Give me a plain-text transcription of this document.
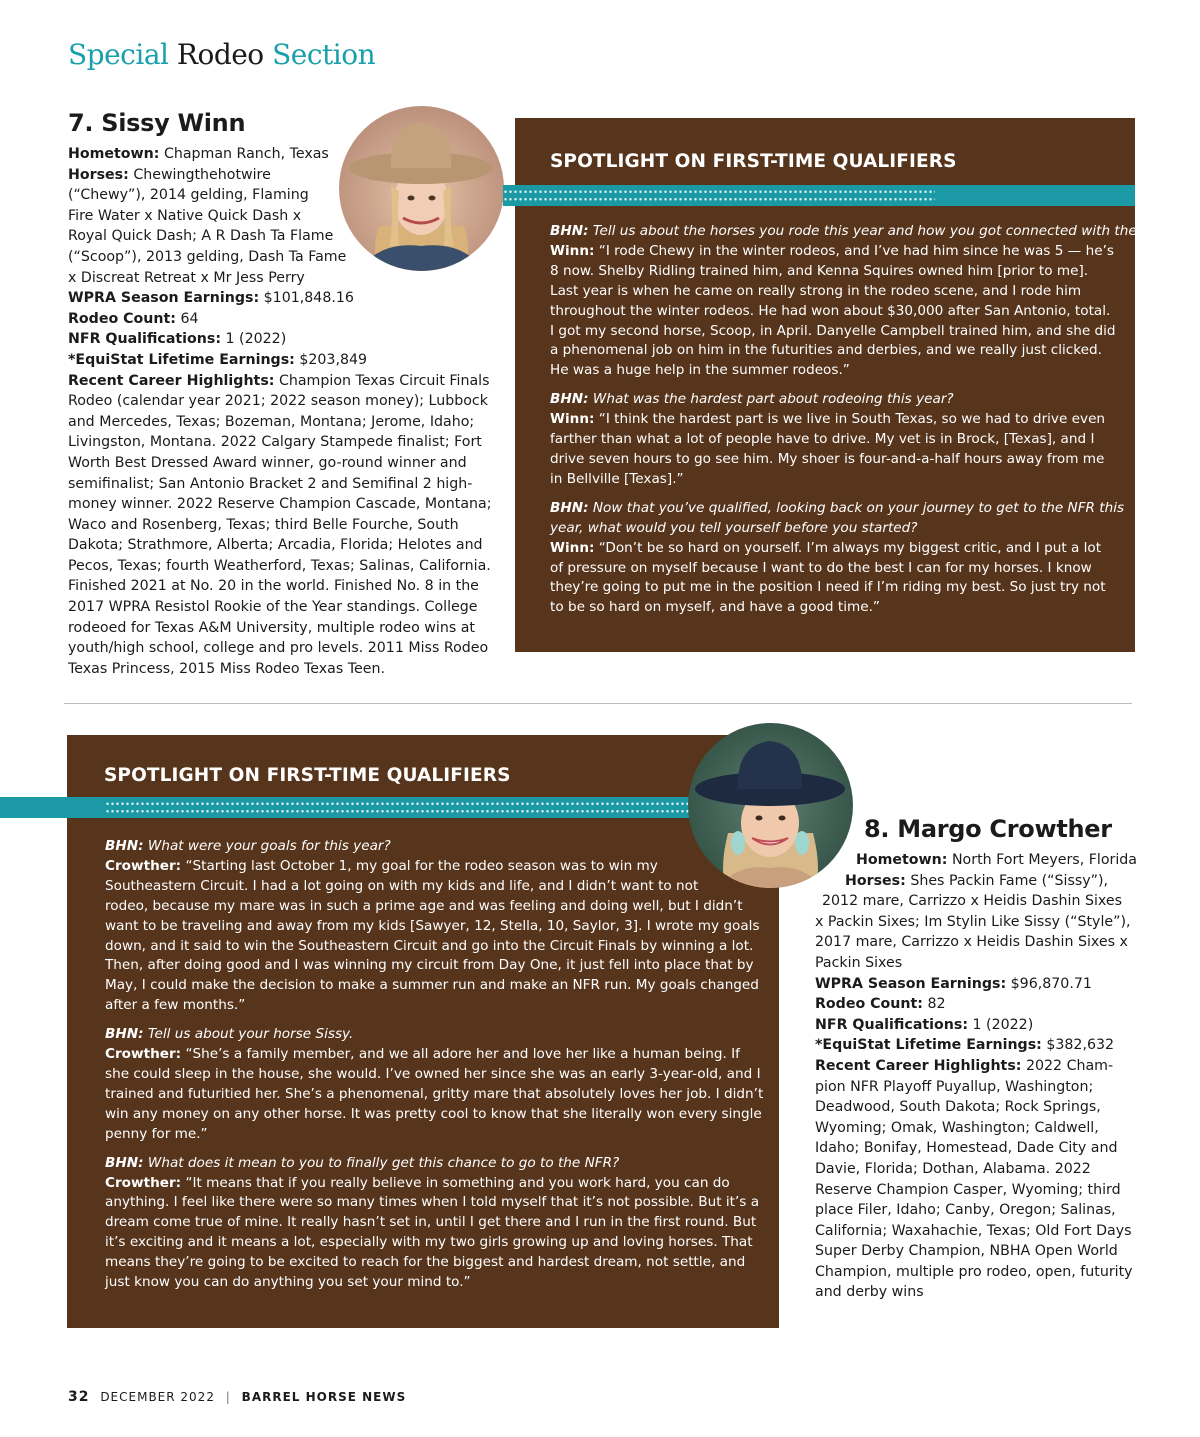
Special Rodeo Section
7. Sissy Winn
Hometown: Chapman Ranch, Texas
Horses: Chewingthehotwire
(“Chewy”), 2014 gelding, Flaming
Fire Water x Native Quick Dash x
Royal Quick Dash; A R Dash Ta Flame
(“Scoop”), 2013 gelding, Dash Ta Fame
x Discreat Retreat x Mr Jess Perry
WPRA Season Earnings: $101,848.16
Rodeo Count: 64
NFR Qualifications: 1 (2022)
*EquiStat Lifetime Earnings: $203,849
Recent Career Highlights: Champion Texas Circuit Finals
Rodeo (calendar year 2021; 2022 season money); Lubbock
and Mercedes, Texas; Bozeman, Montana; Jerome, Idaho;
Livingston, Montana. 2022 Calgary Stampede finalist; Fort
Worth Best Dressed Award winner, go-round winner and
semifinalist; San Antonio Bracket 2 and Semifinal 2 high-
money winner. 2022 Reserve Champion Cascade, Montana;
Waco and Rosenberg, Texas; third Belle Fourche, South
Dakota; Strathmore, Alberta; Arcadia, Florida; Helotes and
Pecos, Texas; fourth Weatherford, Texas; Salinas, California.
Finished 2021 at No. 20 in the world. Finished No. 8 in the
2017 WPRA Resistol Rookie of the Year standings. College
rodeoed for Texas A&M University, multiple rodeo wins at
youth/high school, college and pro levels. 2011 Miss Rodeo
Texas Princess, 2015 Miss Rodeo Texas Teen.
SPOTLIGHT ON FIRST-TIME QUALIFIERS
BHN: Tell us about the horses you rode this year and how you got connected with them.
Winn: “I rode Chewy in the winter rodeos, and I’ve had him since he was 5 — he’s
8 now. Shelby Ridling trained him, and Kenna Squires owned him [prior to me].
Last year is when he came on really strong in the rodeo scene, and I rode him
throughout the winter rodeos. He had won about $30,000 after San Antonio, total.
I got my second horse, Scoop, in April. Danyelle Campbell trained him, and she did
a phenomenal job on him in the futurities and derbies, and we really just clicked.
He was a huge help in the summer rodeos.”
BHN: What was the hardest part about rodeoing this year?
Winn: “I think the hardest part is we live in South Texas, so we had to drive even
farther than what a lot of people have to drive. My vet is in Brock, [Texas], and I
drive seven hours to go see him. My shoer is four-and-a-half hours away from me
in Bellville [Texas].”
BHN: Now that you’ve qualified, looking back on your journey to get to the NFR this
year, what would you tell yourself before you started?
Winn: “Don’t be so hard on yourself. I’m always my biggest critic, and I put a lot
of pressure on myself because I want to do the best I can for my horses. I know
they’re going to put me in the position I need if I’m riding my best. So just try not
to be so hard on myself, and have a good time.”
SPOTLIGHT ON FIRST-TIME QUALIFIERS
BHN: What were your goals for this year?
Crowther: “Starting last October 1, my goal for the rodeo season was to win my
Southeastern Circuit. I had a lot going on with my kids and life, and I didn’t want to not
rodeo, because my mare was in such a prime age and was feeling and doing well, but I didn’t
want to be traveling and away from my kids [Sawyer, 12, Stella, 10, Saylor, 3]. I wrote my goals
down, and it said to win the Southeastern Circuit and go into the Circuit Finals by winning a lot.
Then, after doing good and I was winning my circuit from Day One, it just fell into place that by
May, I could make the decision to make a summer run and make an NFR run. My goals changed
after a few months.”
BHN: Tell us about your horse Sissy.
Crowther: “She’s a family member, and we all adore her and love her like a human being. If
she could sleep in the house, she would. I’ve owned her since she was an early 3-year-old, and I
trained and futuritied her. She’s a phenomenal, gritty mare that absolutely loves her job. I didn’t
win any money on any other horse. It was pretty cool to know that she literally won every single
penny for me.”
BHN: What does it mean to you to finally get this chance to go to the NFR?
Crowther: “It means that if you really believe in something and you work hard, you can do
anything. I feel like there were so many times when I told myself that it’s not possible. But it’s a
dream come true of mine. It really hasn’t set in, until I get there and I run in the first round. But
it’s exciting and it means a lot, especially with my two girls growing up and loving horses. That
means they’re going to be excited to reach for the biggest and hardest dream, not settle, and
just know you can do anything you set your mind to.”
8. Margo Crowther
Hometown: North Fort Meyers, Florida
Horses: Shes Packin Fame (“Sissy”),
2012 mare, Carrizzo x Heidis Dashin Sixes
x Packin Sixes; Im Stylin Like Sissy (“Style”),
2017 mare, Carrizzo x Heidis Dashin Sixes x
Packin Sixes
WPRA Season Earnings: $96,870.71
Rodeo Count: 82
NFR Qualifications: 1 (2022)
*EquiStat Lifetime Earnings: $382,632
Recent Career Highlights: 2022 Cham-
pion NFR Playoff Puyallup, Washington;
Deadwood, South Dakota; Rock Springs,
Wyoming; Omak, Washington; Caldwell,
Idaho; Bonifay, Homestead, Dade City and
Davie, Florida; Dothan, Alabama. 2022
Reserve Champion Casper, Wyoming; third
place Filer, Idaho; Canby, Oregon; Salinas,
California; Waxahachie, Texas; Old Fort Days
Super Derby Champion, NBHA Open World
Champion, multiple pro rodeo, open, futurity
and derby wins
32 DECEMBER 2022 | BARREL HORSE NEWS
